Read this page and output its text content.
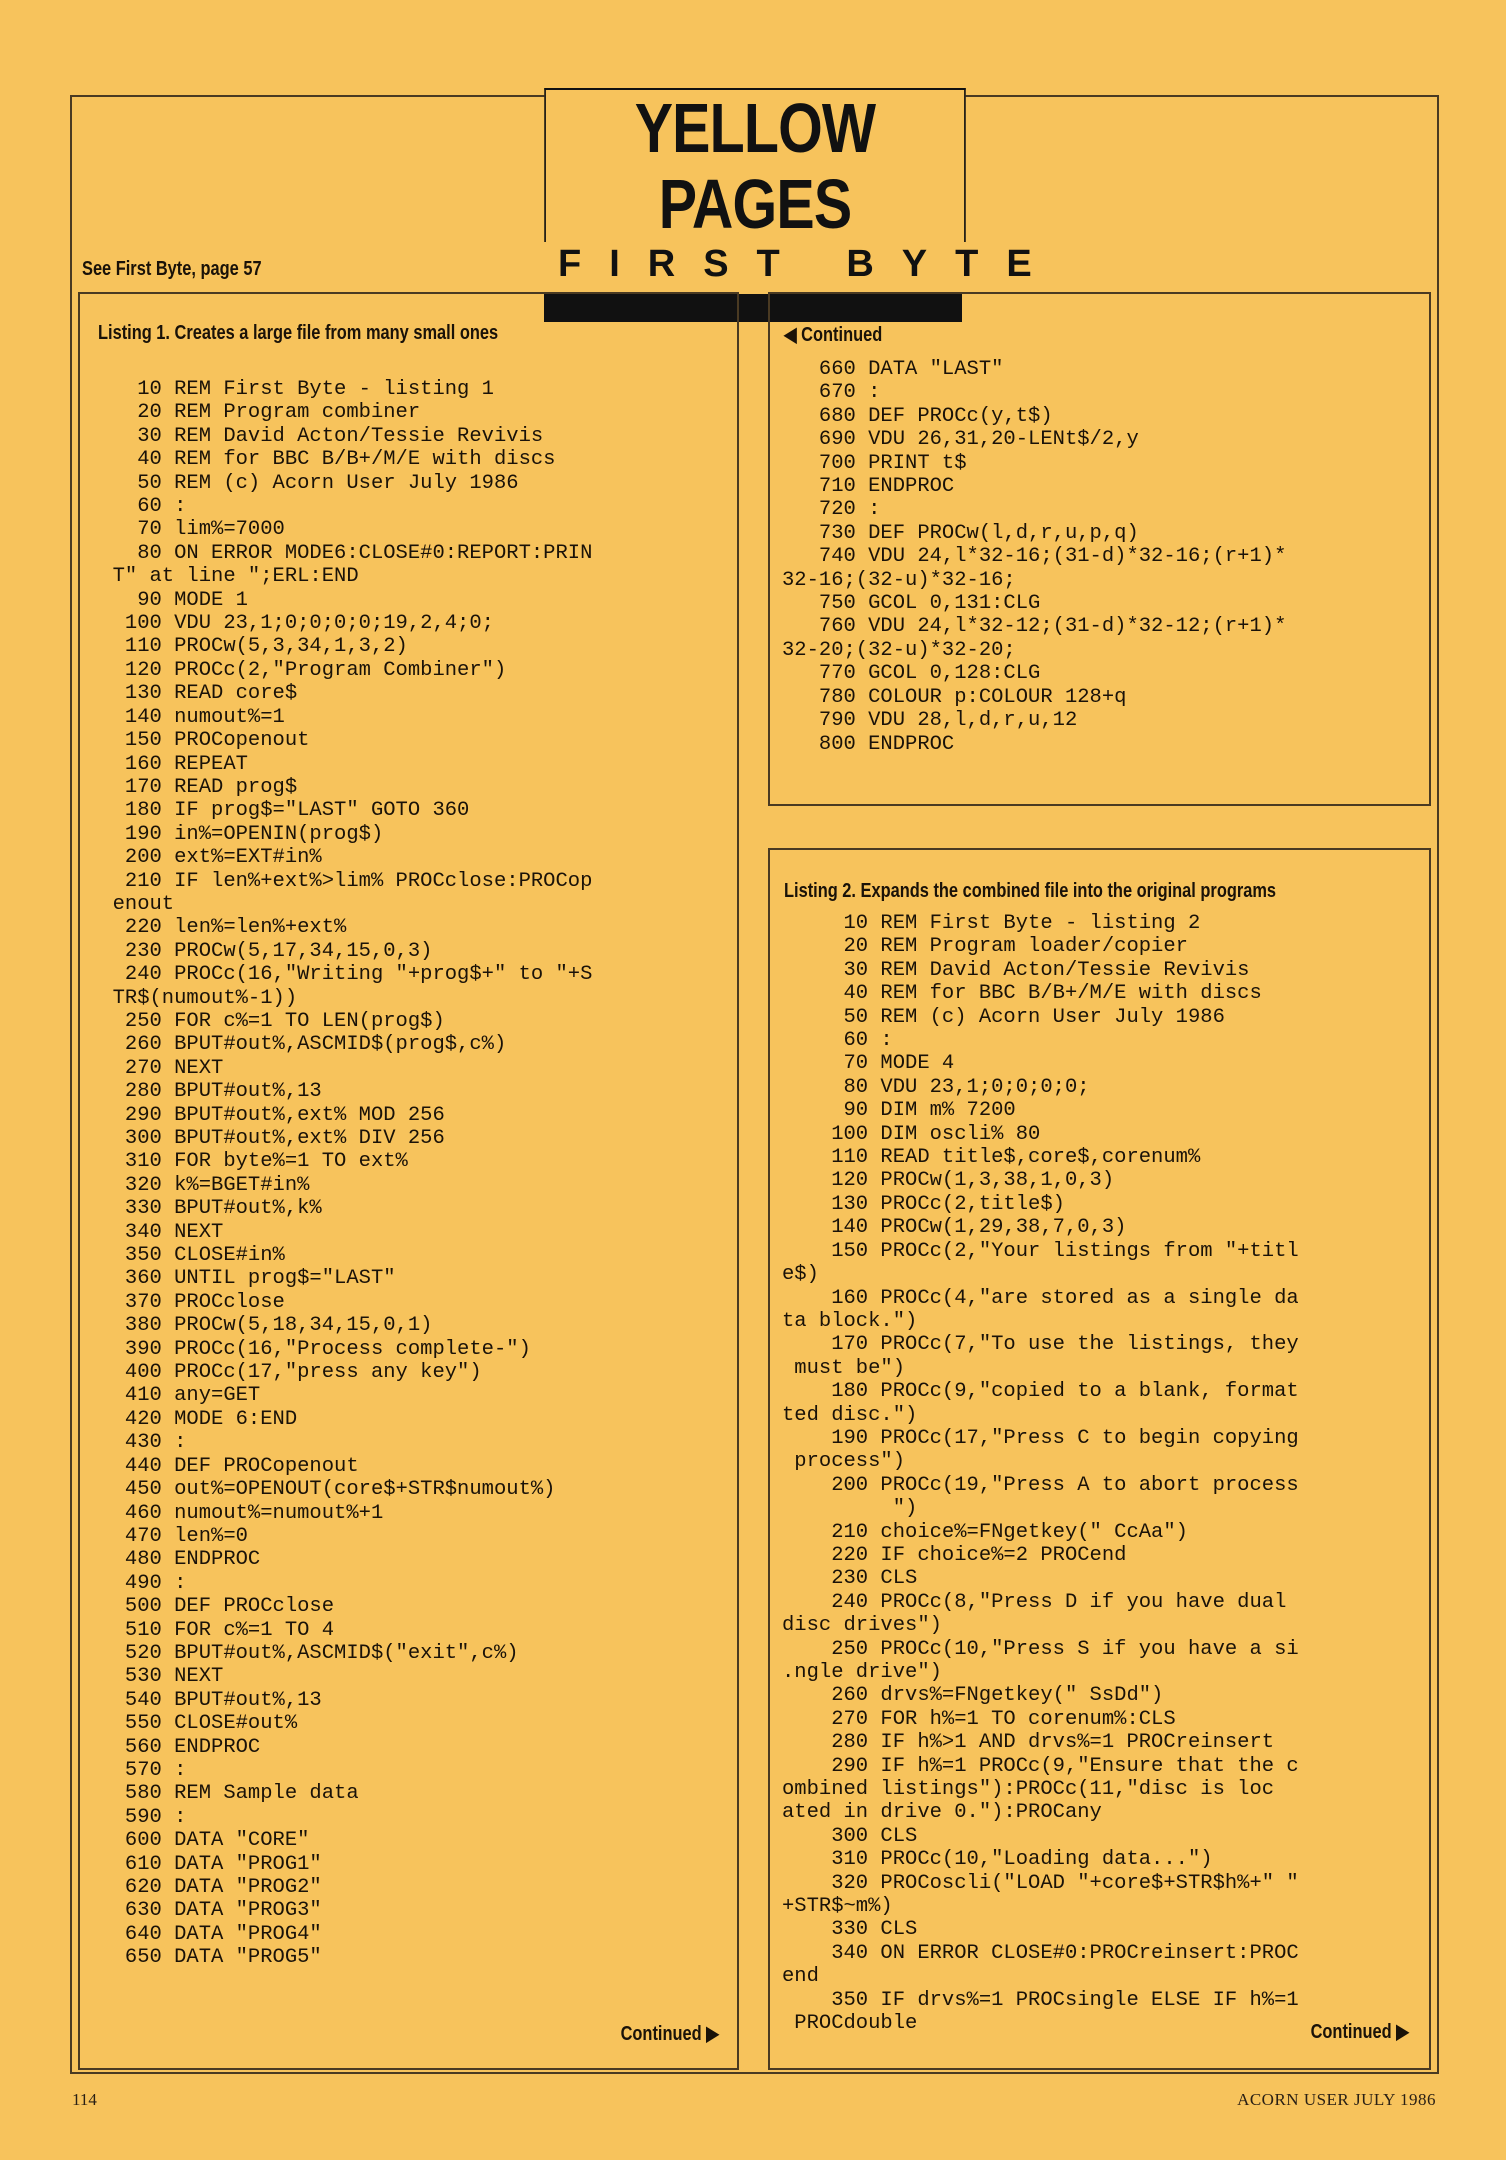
YELLOW PAGES
FIRST BYTE
See First Byte, page 57
Listing 1. Creates a large file from many small ones
10 REM First Byte - listing 1
20 REM Program combiner
30 REM David Acton/Tessie Revivis
40 REM for BBC B/B+/M/E with discs
50 REM (c) Acorn User July 1986
60 :
70 lim%=7000
80 ON ERROR MODE6:CLOSE#0:REPORT:PRIN
T" at line ";ERL:END
90 MODE 1
100 VDU 23,1;0;0;0;0;19,2,4;0;
110 PROCw(5,3,34,1,3,2)
120 PROCc(2,"Program Combiner")
130 READ core$
140 numout%=1
150 PROCopenout
160 REPEAT
170 READ prog$
180 IF prog$="LAST" GOTO 360
190 in%=OPENIN(prog$)
200 ext%=EXT#in%
210 IF len%+ext%>lim% PROCclose:PROCop
enout
220 len%=len%+ext%
230 PROCw(5,17,34,15,0,3)
240 PROCc(16,"Writing "+prog$+" to "+S
TR$(numout%-1))
250 FOR c%=1 TO LEN(prog$)
260 BPUT#out%,ASCMID$(prog$,c%)
270 NEXT
280 BPUT#out%,13
290 BPUT#out%,ext% MOD 256
300 BPUT#out%,ext% DIV 256
310 FOR byte%=1 TO ext%
320 k%=BGET#in%
330 BPUT#out%,k%
340 NEXT
350 CLOSE#in%
360 UNTIL prog$="LAST"
370 PROCclose
380 PROCw(5,18,34,15,0,1)
390 PROCc(16,"Process complete-")
400 PROCc(17,"press any key")
410 any=GET
420 MODE 6:END
430 :
440 DEF PROCopenout
450 out%=OPENOUT(core$+STR$numout%)
460 numout%=numout%+1
470 len%=0
480 ENDPROC
490 :
500 DEF PROCclose
510 FOR c%=1 TO 4
520 BPUT#out%,ASCMID$("exit",c%)
530 NEXT
540 BPUT#out%,13
550 CLOSE#out%
560 ENDPROC
570 :
580 REM Sample data
590 :
600 DATA "CORE"
610 DATA "PROG1"
620 DATA "PROG2"
630 DATA "PROG3"
640 DATA "PROG4"
650 DATA "PROG5"
Continued ▶
◀ Continued
660 DATA "LAST"
670 :
680 DEF PROCc(y,t$)
690 VDU 26,31,20-LENt$/2,y
700 PRINT t$
710 ENDPROC
720 :
730 DEF PROCw(l,d,r,u,p,q)
740 VDU 24,l*32-16;(31-d)*32-16;(r+1)*
32-16;(32-u)*32-16;
750 GCOL 0,131:CLG
760 VDU 24,l*32-12;(31-d)*32-12;(r+1)*
32-20;(32-u)*32-20;
770 GCOL 0,128:CLG
780 COLOUR p:COLOUR 128+q
790 VDU 28,l,d,r,u,12
800 ENDPROC
Listing 2. Expands the combined file into the original programs
10 REM First Byte - listing 2
20 REM Program loader/copier
30 REM David Acton/Tessie Revivis
40 REM for BBC B/B+/M/E with discs
50 REM (c) Acorn User July 1986
60 :
70 MODE 4
80 VDU 23,1;0;0;0;0;
90 DIM m% 7200
100 DIM oscli% 80
110 READ title$,core$,corenum%
120 PROCw(1,3,38,1,0,3)
130 PROCc(2,title$)
140 PROCw(1,29,38,7,0,3)
150 PROCc(2,"Your listings from "+titl
e$)
160 PROCc(4,"are stored as a single da
ta block.")
170 PROCc(7,"To use the listings, they
must be")
180 PROCc(9,"copied to a blank, format
ted disc.")
190 PROCc(17,"Press C to begin copying
process")
200 PROCc(19,"Press A to abort process
")
210 choice%=FNgetkey(" CcAa")
220 IF choice%=2 PROCend
230 CLS
240 PROCc(8,"Press D if you have dual
disc drives")
250 PROCc(10,"Press S if you have a si
.ngle drive")
260 drvs%=FNgetkey(" SsDd")
270 FOR h%=1 TO corenum%:CLS
280 IF h%>1 AND drvs%=1 PROCreinsert
290 IF h%=1 PROCc(9,"Ensure that the c
ombined listings"):PROCc(11,"disc is loc
ated in drive 0."):PROCany
300 CLS
310 PROCc(10,"Loading data...")
320 PROCoscli("LOAD "+core$+STR$h%+" "
+STR$~m%)
330 CLS
340 ON ERROR CLOSE#0:PROCreinsert:PROC
end
350 IF drvs%=1 PROCsingle ELSE IF h%=1
PROCdouble	Continued ▶
114	ACORN USER JULY 1986
